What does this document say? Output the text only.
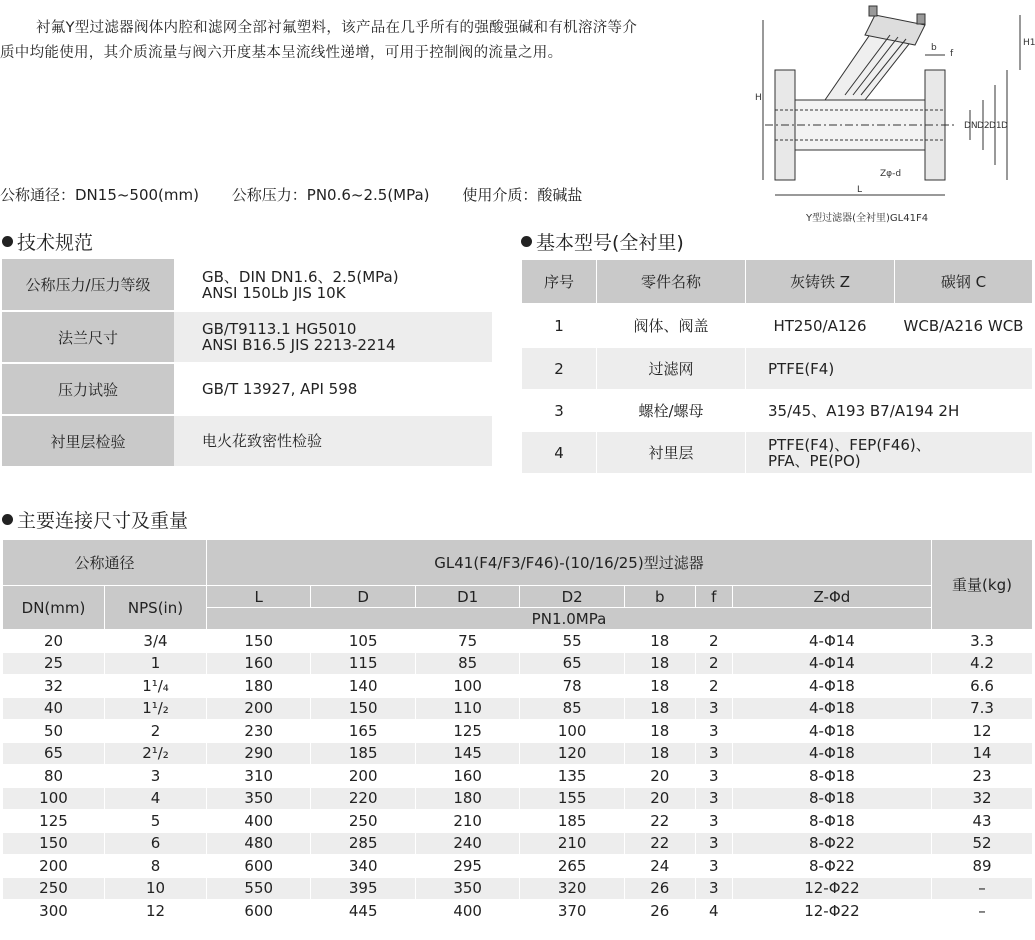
衬氟Y型过滤器阀体内腔和滤网全部衬氟塑料，该产品在几乎所有的强酸强碱和有机溶济等介质中均能使用，其介质流量与阀六开度基本呈流线性递增，可用于控制阀的流量之用。
公称通径：DN15~500(mm) 公称压力：PN0.6~2.5(MPa) 使用介质：酸碱盐
b
f
H1
H
DN D2 D1 D
Zφ-d
L
Y型过滤器(全衬里)GL41F4
技术规范
公称压力/压力等级	GB、DIN DN1.6、2.5(MPa)
ANSI 150Lb JIS 10K
法兰尺寸	GB/T9113.1 HG5010
ANSI B16.5 JIS 2213-2214
压力试验	GB/T 13927, API 598
衬里层检验	电火花致密性检验
基本型号(全衬里)
序号	零件名称	灰铸铁 Z	碳钢 C
1	阀体、阀盖	HT250/A126	WCB/A216 WCB
2	过滤网	PTFE(F4)	
3	螺栓/螺母	35/45、A193 B7/A194 2H	
4	衬里层	PTFE(F4)、FEP(F46)、
PFA、PE(PO)	
主要连接尺寸及重量
公称通径		GL41(F4/F3/F46)-(10/16/25)型过滤器							重量(kg)
DN(mm)	NPS(in)	L	D	D1	D2	b	f	Z-Φd	
		PN1.0MPa							
20	3/4	150	105	75	55	18	2	4-Φ14	3.3
25	1	160	115	85	65	18	2	4-Φ14	4.2
32	1¹/₄	180	140	100	78	18	2	4-Φ18	6.6
40	1¹/₂	200	150	110	85	18	3	4-Φ18	7.3
50	2	230	165	125	100	18	3	4-Φ18	12
65	2¹/₂	290	185	145	120	18	3	4-Φ18	14
80	3	310	200	160	135	20	3	8-Φ18	23
100	4	350	220	180	155	20	3	8-Φ18	32
125	5	400	250	210	185	22	3	8-Φ18	43
150	6	480	285	240	210	22	3	8-Φ22	52
200	8	600	340	295	265	24	3	8-Φ22	89
250	10	550	395	350	320	26	3	12-Φ22	–
300	12	600	445	400	370	26	4	12-Φ22	–
